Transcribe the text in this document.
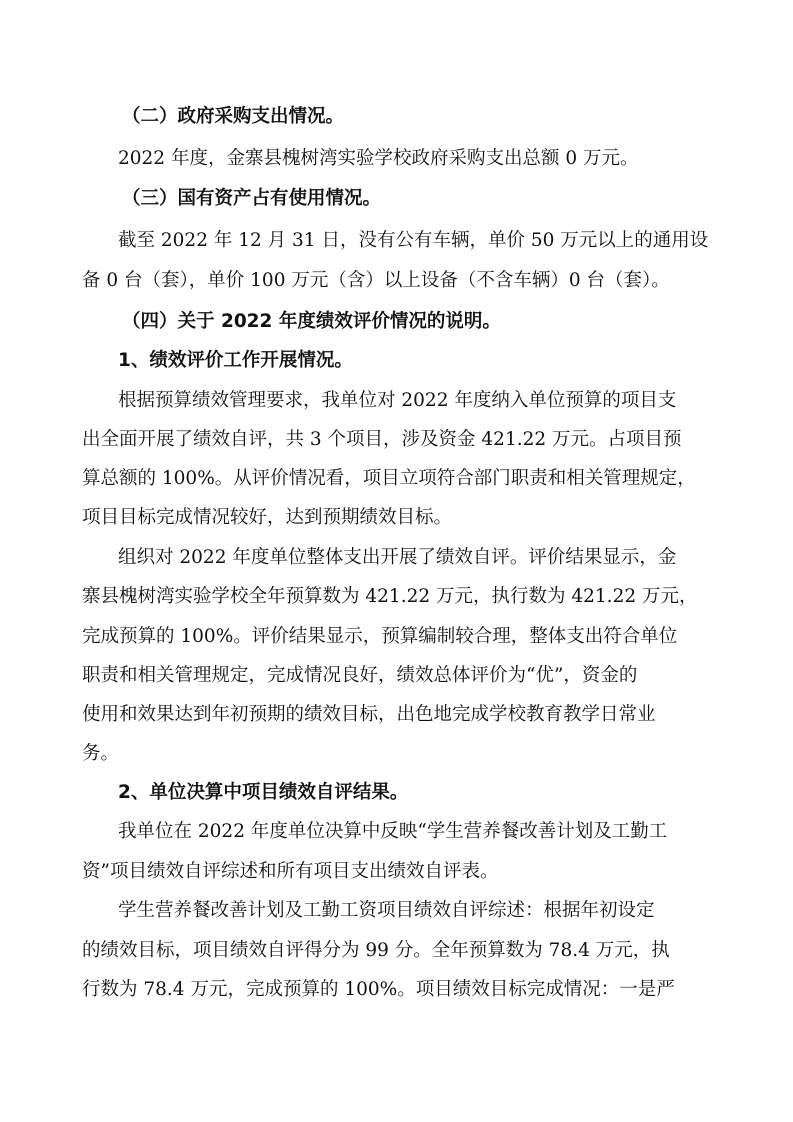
（二）政府采购支出情况。
2022 年度，金寨县槐树湾实验学校政府采购支出总额 0 万元。
（三）国有资产占有使用情况。
截至 2022 年 12 月 31 日，没有公有车辆，单价 50 万元以上的通用设
备 0 台（套），单价 100 万元（含）以上设备（不含车辆）0 台（套）。
（四）关于 2022 年度绩效评价情况的说明。
1、绩效评价工作开展情况。
根据预算绩效管理要求，我单位对 2022 年度纳入单位预算的项目支
出全面开展了绩效自评，共 3 个项目，涉及资金 421.22 万元。占项目预
算总额的 100%。从评价情况看，项目立项符合部门职责和相关管理规定，
项目目标完成情况较好，达到预期绩效目标。
组织对 2022 年度单位整体支出开展了绩效自评。评价结果显示，金
寨县槐树湾实验学校全年预算数为 421.22 万元，执行数为 421.22 万元，
完成预算的 100%。评价结果显示，预算编制较合理，整体支出符合单位
职责和相关管理规定，完成情况良好，绩效总体评价为“优”，资金的
使用和效果达到年初预期的绩效目标，出色地完成学校教育教学日常业
务。
2、单位决算中项目绩效自评结果。
我单位在 2022 年度单位决算中反映“学生营养餐改善计划及工勤工
资”项目绩效自评综述和所有项目支出绩效自评表。
学生营养餐改善计划及工勤工资项目绩效自评综述：根据年初设定
的绩效目标，项目绩效自评得分为 99 分。全年预算数为 78.4 万元，执
行数为 78.4 万元，完成预算的 100%。项目绩效目标完成情况：一是严
